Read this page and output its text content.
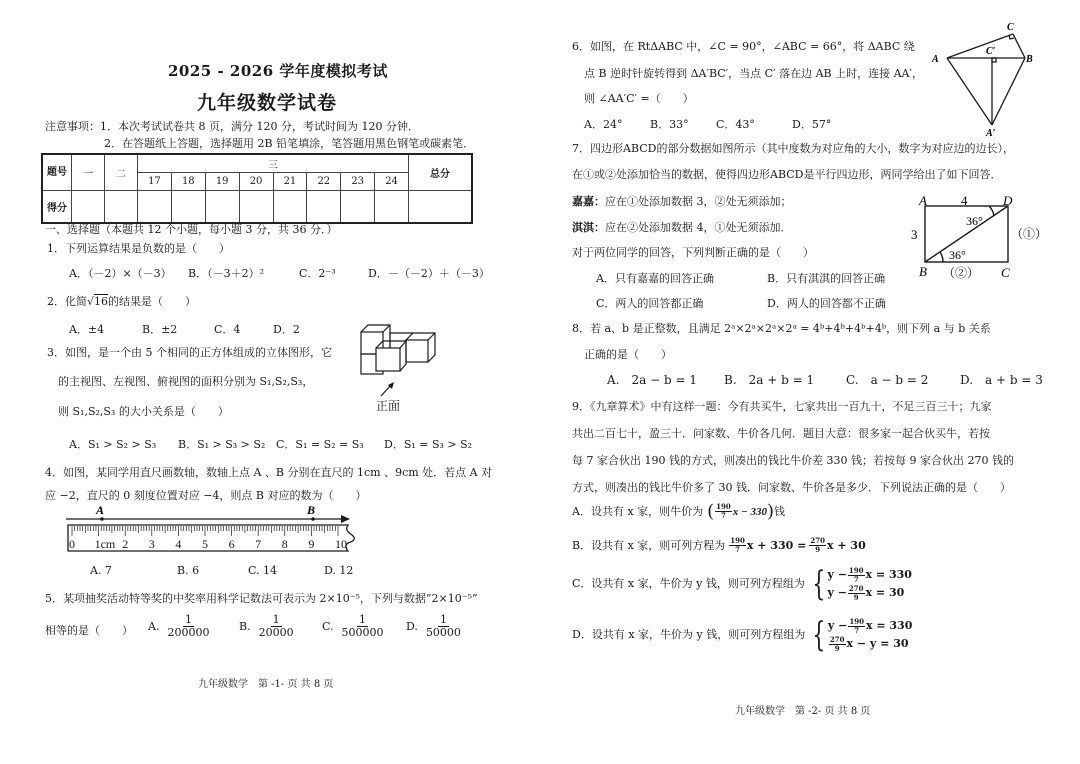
2025 - 2026 学年度模拟考试
九年级数学试卷
注意事项：1．本次考试试卷共 8 页，满分 120 分，考试时间为 120 分钟．
2．在答题纸上答题，选择题用 2B 铅笔填涂，笔答题用黑色钢笔或碳素笔．
题号	一	二	三								总分
			17	18	19	20	21	22	23	24	
得分											
一、选择题（本题共 12 个小题，每小题 3 分，共 36 分．）
1．下列运算结果是负数的是（　　）
A．（－2）×（－3） B．（－3＋2）²	C．2⁻³	D．－（－2）＋（－3）
2．化简√16的结果是（　　）
A．±4	B．±2	C．4	D．2
3．如图，是一个由 5 个相同的正方体组成的立体图形，它
的主视图、左视图、俯视图的面积分别为 S₁,S₂,S₃，
则 S₁,S₂,S₃ 的大小关系是（　　）
A．S₁ > S₂ > S₃ B．S₁ > S₃ > S₂ C．S₁ = S₂ = S₃ D．S₁ = S₃ > S₂
正面
4．如图，某同学用直尺画数轴，数轴上点 A 、B 分别在直尺的 1cm 、9cm 处．若点 A 对
应 −2，直尺的 0 刻度位置对应 −4，则点 B 对应的数为（　　）
A	B
0 1cm 2 3 4 5 6 7 8 9 10
A. 7	B. 6	C. 14	D. 12
5．某项抽奖活动特等奖的中奖率用科学记数法可表示为 2×10⁻⁵，下列与数据“2×10⁻⁵”
相等的是（　　） A. $\frac{1}{200000}$	B. $\frac{1}{20000}$	C. $\frac{1}{500000} D$. $\frac{1}{50000}$
九年级数学　第 -1- 页 共 8 页
6．如图，在 RtΔABC 中，∠C = 90°，∠ABC = 66°，将 ΔABC 绕
点 B 逆时针旋转得到 ΔA′BC′，当点 C′ 落在边 AB 上时，连接 AA′，
则 ∠AA′C′ =（　　）
A．24°	B．33° C．43°	D．57°
A	B
C
C′
A′
7．四边形ABCD的部分数据如图所示（其中度数为对应角的大小，数字为对应边的边长），
在①或②处添加恰当的数据，使得四边形ABCD是平行四边形，两同学给出了如下回答．
嘉嘉：应在①处添加数据 3，②处无须添加；
淇淇：应在②处添加数据 4，①处无须添加．
对于两位同学的回答，下列判断正确的是（　　）
A．只有嘉嘉的回答正确	B．只有淇淇的回答正确
C．两人的回答都正确	D．两人的回答都不正确
A	4	D
3
36°
36°
（①）
B （②） C
8．若 a、b 是正整数，且满足 2ᵃ×2ᵃ×2ᵃ×2ᵃ = 4ᵇ+4ᵇ+4ᵇ+4ᵇ，则下列 a 与 b 关系
正确的是（　　）
A.　2a − b = 1 B.　2a + b = 1	C.　a − b = 2	D.　a + b = 3
9．《九章算术》中有这样一题：今有共买牛，七家共出一百九十，不足三百三十；九家
共出二百七十，盈三十．问家数、牛价各几何．题目大意：很多家一起合伙买牛，若按
每 7 家合伙出 190 钱的方式，则凑出的钱比牛价差 330 钱；若按每 9 家合伙出 270 钱的
方式，则凑出的钱比牛价多了 30 钱．问家数、牛价各是多少．下列说法正确的是（　　）
A．设共有 x 家，则牛价为 ( 190
7 x − 330 ) 钱
B．设共有 x 家，则可列方程为 190
7 $x + 330 = \frac{270}{9}$ x + 30
C．设共有 x 家，牛价为 y 钱，则可列方程组为 { $y - \frac{190}{7}$ x = 330
$y - \frac{270}{9}$ x = 30
D．设共有 x 家，牛价为 y 钱，则可列方程组为 { $y - \frac{190}{7}$ x = 330
$\frac{270}{9}$ x − y = 30
九年级数学　第 -2- 页 共 8 页
